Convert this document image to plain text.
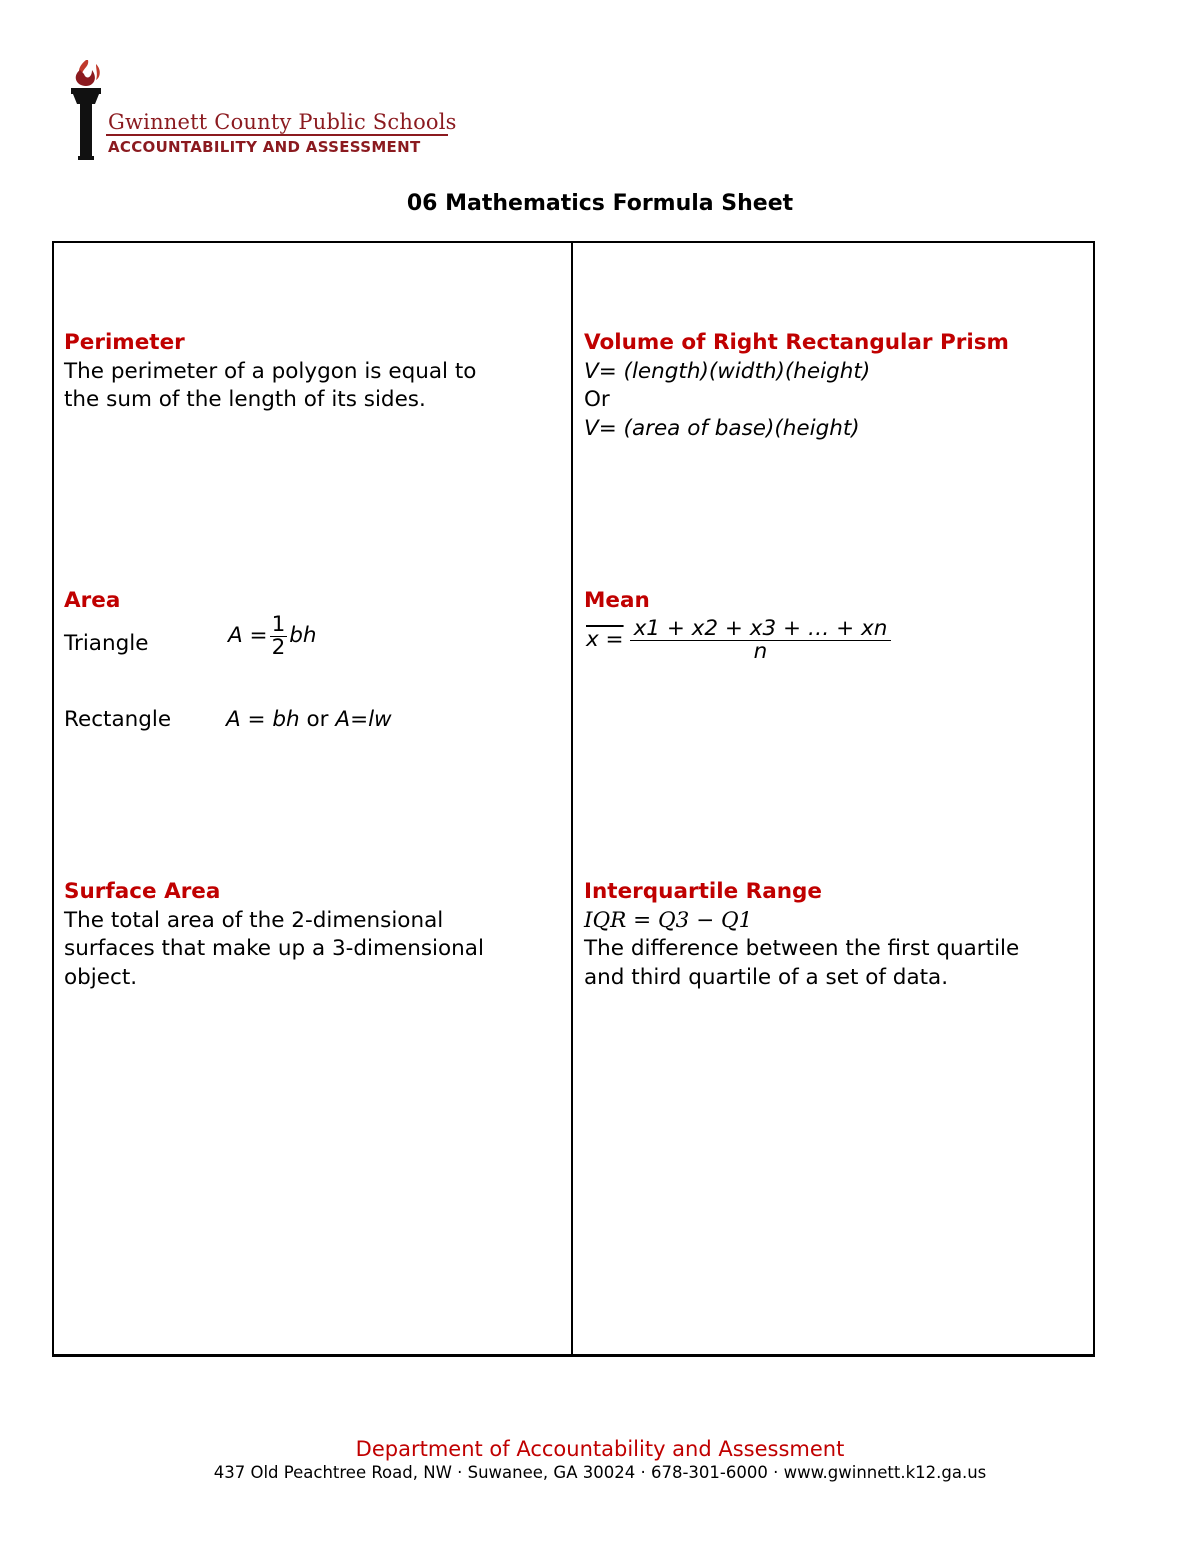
Gwinnett County Public Schools
ACCOUNTABILITY AND ASSESSMENT
06 Mathematics Formula Sheet
Perimeter
The perimeter of a polygon is equal to
the sum of the length of its sides.
Volume of Right Rectangular Prism
V= (length)(width)(height)
Or
V= (area of base)(height)
Area
Triangle	$A = \frac{1}{2}$ bh
Rectangle	A = bh or A=lw
Mean
$x = \frac{x1 + x2 + x3 + \dots + xn}{n}$
Surface Area
The total area of the 2-dimensional
surfaces that make up a 3-dimensional
object.
Interquartile Range
IQR = Q3 − Q1
The difference between the first quartile
and third quartile of a set of data.
Department of Accountability and Assessment
437 Old Peachtree Road, NW · Suwanee, GA 30024 · 678-301-6000 · www.gwinnett.k12.ga.us
